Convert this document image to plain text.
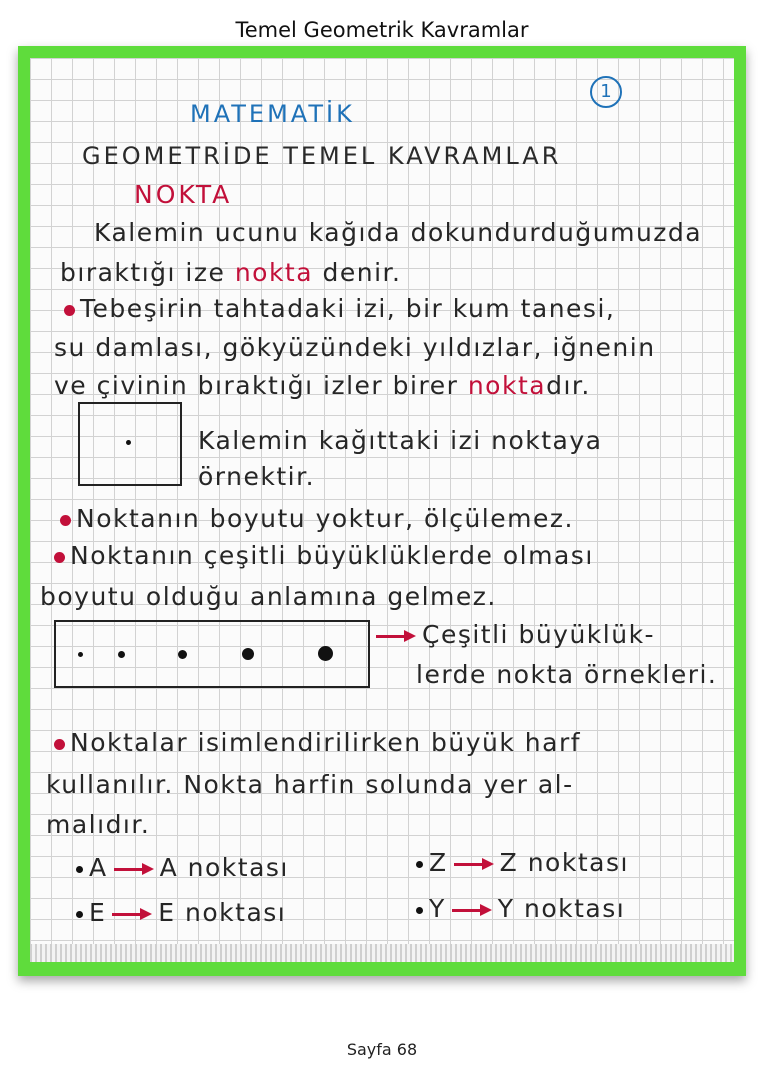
Temel Geometrik Kavramlar
1
MATEMATİK
GEOMETRİDE TEMEL KAVRAMLAR
NOKTA
Kalemin ucunu kağıda dokundurduğumuzda
bıraktığı ize nokta denir.
Tebeşirin tahtadaki izi, bir kum tanesi,
su damlası, gökyüzündeki yıldızlar, iğnenin
ve çivinin bıraktığı izler birer noktadır.
Kalemin kağıttaki izi noktaya
örnektir.
Noktanın boyutu yoktur, ölçülemez.
Noktanın çeşitli büyüklüklerde olması
boyutu olduğu anlamına gelmez.
Çeşitli büyüklük-
lerde nokta örnekleri.
Noktalar isimlendirilirken büyük harf
kullanılır. Nokta harfin solunda yer al-
malıdır.
A A noktası	Z Z noktası
E E noktası	Y Y noktası
Sayfa 68
